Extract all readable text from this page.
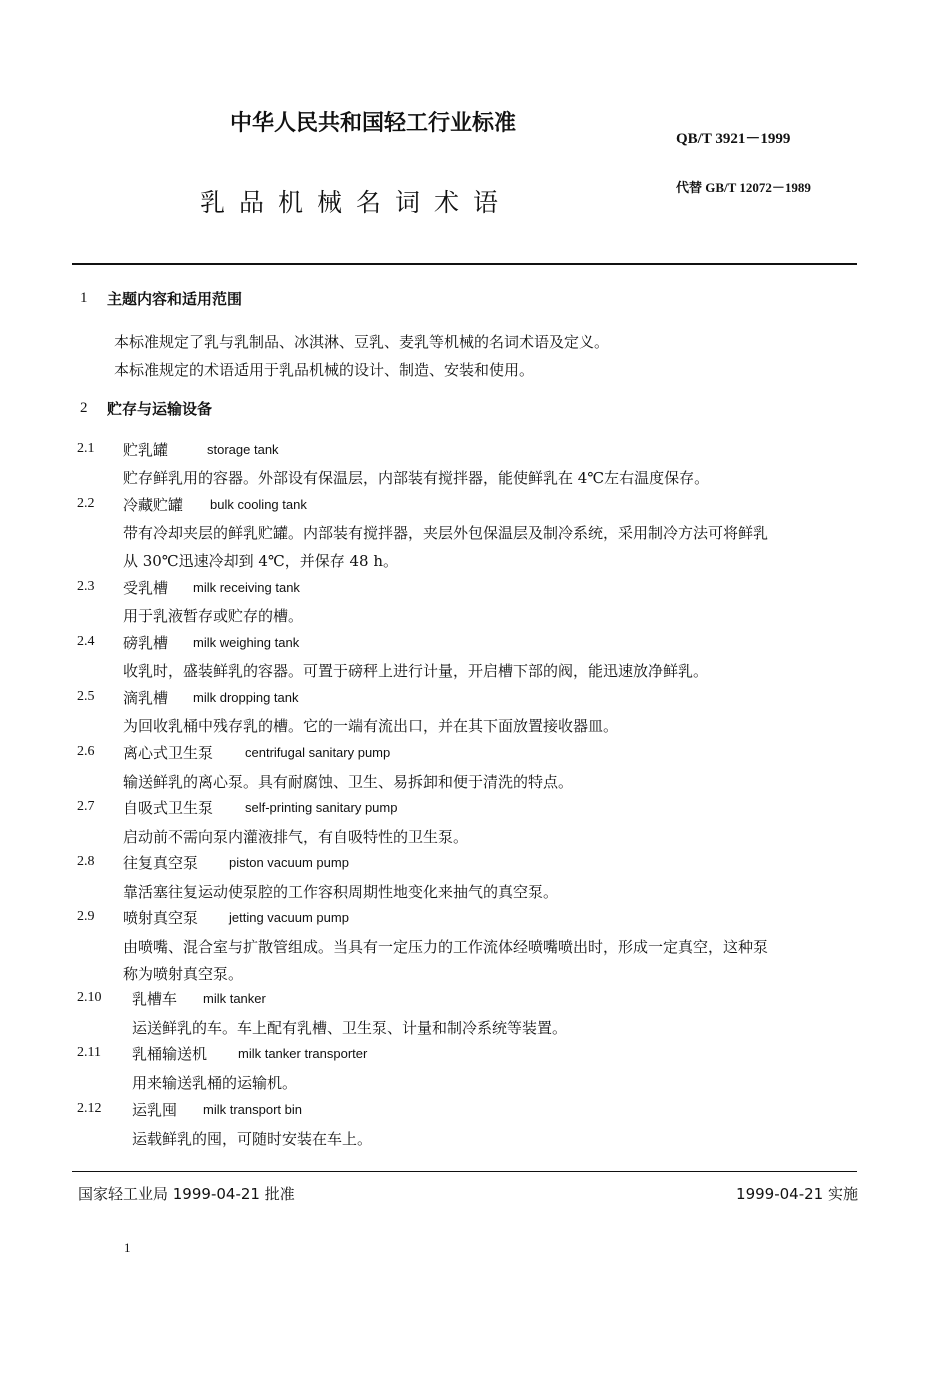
中华人民共和国轻工行业标准
QB/T 3921－1999
乳品机械名词术语
代替 GB/T 12072－1989
1 主题内容和适用范围
本标准规定了乳与乳制品、冰淇淋、豆乳、麦乳等机械的名词术语及定义。
本标准规定的术语适用于乳品机械的设计、制造、安装和使用。
2 贮存与运输设备
2.1 贮乳罐	storage tank
贮存鲜乳用的容器。外部设有保温层，内部装有搅拌器，能使鲜乳在 4℃左右温度保存。
2.2 冷藏贮罐 bulk cooling tank
带有冷却夹层的鲜乳贮罐。内部装有搅拌器，夹层外包保温层及制冷系统，采用制冷方法可将鲜乳
从 30℃迅速冷却到 4℃，并保存 48 h。
2.3 受乳槽 milk receiving tank
用于乳液暂存或贮存的槽。
2.4 磅乳槽 milk weighing tank
收乳时，盛装鲜乳的容器。可置于磅秤上进行计量，开启槽下部的阀，能迅速放净鲜乳。
2.5 滴乳槽 milk dropping tank
为回收乳桶中残存乳的槽。它的一端有流出口，并在其下面放置接收器皿。
2.6 离心式卫生泵 centrifugal sanitary pump
输送鲜乳的离心泵。具有耐腐蚀、卫生、易拆卸和便于清洗的特点。
2.7 自吸式卫生泵 self-printing sanitary pump
启动前不需向泵内灌液排气，有自吸特性的卫生泵。
2.8 往复真空泵 piston vacuum pump
靠活塞往复运动使泵腔的工作容积周期性地变化来抽气的真空泵。
2.9 喷射真空泵 jetting vacuum pump
由喷嘴、混合室与扩散管组成。当具有一定压力的工作流体经喷嘴喷出时，形成一定真空，这种泵
称为喷射真空泵。
2.10 乳槽车 milk tanker
运送鲜乳的车。车上配有乳槽、卫生泵、计量和制冷系统等装置。
2.11 乳桶输送机 milk tanker transporter
用来输送乳桶的运输机。
2.12 运乳囤 milk transport bin
运载鲜乳的囤，可随时安装在车上。
国家轻工业局 1999-04-21 批准	1999-04-21 实施
1
